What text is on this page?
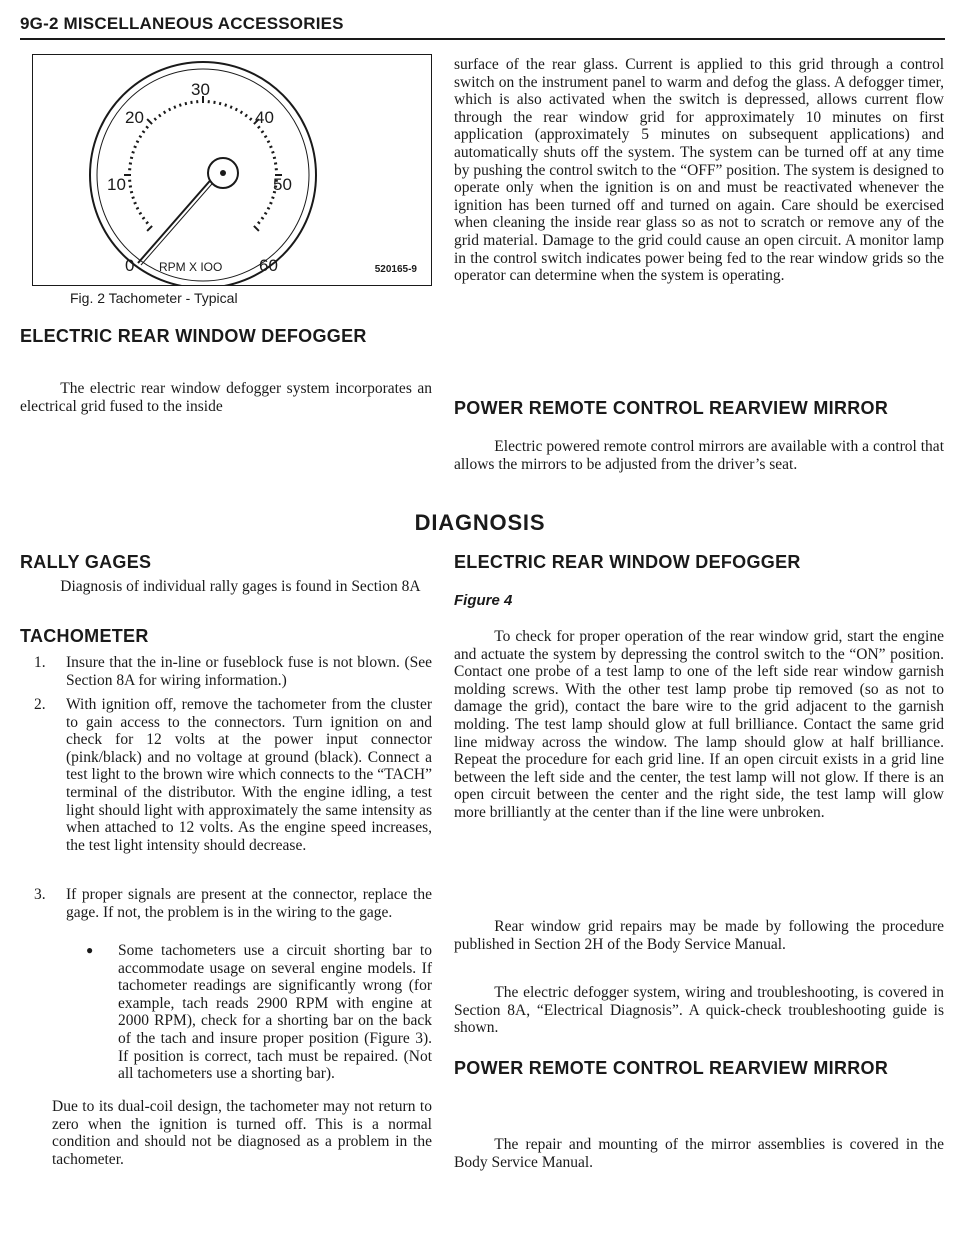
9G-2 MISCELLANEOUS ACCESSORIES
0
10
20
30
40
50
60
RPM X IOO	520165-9
Fig. 2 Tachometer - Typical
ELECTRIC REAR WINDOW DEFOGGER
The electric rear window defogger system incorporates an electrical grid fused to the inside
surface of the rear glass. Current is applied to this grid through a control switch on the instrument panel to warm and defog the glass. A defogger timer, which is also activated when the switch is depressed, allows current flow through the rear window grid for approximately 10 minutes on first application (approximately 5 minutes on subsequent applications) and automatically shuts off the system. The system can be turned off at any time by pushing the control switch to the “OFF” position. The system is designed to operate only when the ignition is on and must be reactivated whenever the ignition has been turned off and turned on again. Care should be exercised when cleaning the inside rear glass so as not to scratch or remove any of the grid material. Damage to the grid could cause an open circuit. A monitor lamp in the control switch indicates power being fed to the rear window grids so the operator can determine when the system is operating.
POWER REMOTE CONTROL REARVIEW MIRROR
Electric powered remote control mirrors are available with a control that allows the mirrors to be adjusted from the driver’s seat.
DIAGNOSIS
RALLY GAGES
Diagnosis of individual rally gages is found in Section 8A
TACHOMETER
1. Insure that the in-line or fuseblock fuse is not blown. (See Section 8A for wiring information.)
2. With ignition off, remove the tachometer from the cluster to gain access to the connectors. Turn ignition on and check for 12 volts at the power input connector (pink/black) and no voltage at ground (black). Connect a test light to the brown wire which connects to the “TACH” terminal of the distributor. With the engine idling, a test light should light with approximately the same intensity as when attached to 12 volts. As the engine speed increases, the test light intensity should decrease.
3. If proper signals are present at the connector, replace the gage. If not, the problem is in the wiring to the gage.
● Some tachometers use a circuit shorting bar to accommodate usage on several engine models. If tachometer readings are significantly wrong (for example, tach reads 2900 RPM with engine at 2000 RPM), check for a shorting bar on the back of the tach and insure proper position (Figure 3). If position is correct, tach must be repaired. (Not all tachometers use a shorting bar).
Due to its dual-coil design, the tachometer may not return to zero when the ignition is turned off. This is a normal condition and should not be diagnosed as a problem in the tachometer.
ELECTRIC REAR WINDOW DEFOGGER
Figure 4
To check for proper operation of the rear window grid, start the engine and actuate the system by depressing the control switch to the “ON” position. Contact one probe of a test lamp to one of the left side rear window garnish molding screws. With the other test lamp probe tip removed (so as not to damage the grid), contact the bare wire to the grid adjacent to the garnish molding. The test lamp should glow at full brilliance. Contact the same grid line midway across the window. The lamp should glow at half brilliance. Repeat the procedure for each grid line. If an open circuit exists in a grid line between the left side and the center, the test lamp will not glow. If there is an open circuit between the center and the right side, the test lamp will glow more brilliantly at the center than if the line were unbroken.
Rear window grid repairs may be made by following the procedure published in Section 2H of the Body Service Manual.
The electric defogger system, wiring and troubleshooting, is covered in Section 8A, “Electrical Diagnosis”. A quick-check troubleshooting guide is shown.
POWER REMOTE CONTROL REARVIEW MIRROR
The repair and mounting of the mirror assemblies is covered in the Body Service Manual.
